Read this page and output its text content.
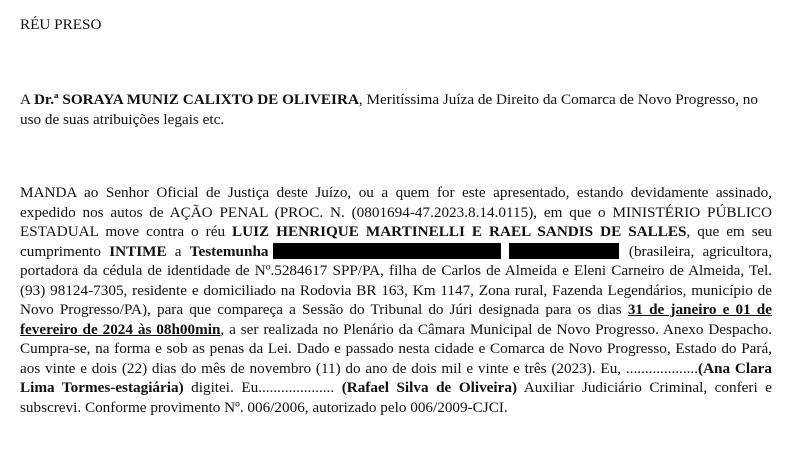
RÉU PRESO

A Dr.ª SORAYA MUNIZ CALIXTO DE OLIVEIRA, Meritíssima Juíza de Direito da Comarca de Novo Progresso, no uso de suas atribuições legais etc.

MANDA ao Senhor Oficial de Justiça deste Juízo, ou a quem for este apresentado, estando devidamente assinado, expedido nos autos de AÇÃO PENAL (PROC. N. (0801694-47.2023.8.14.0115), em que o MINISTÉRIO PÚBLICO ESTADUAL move contra o réu LUIZ HENRIQUE MARTINELLI E RAEL SANDIS DE SALLES, que em seu cumprimento INTIME a Testemunha	(brasileira, agricultora, portadora da cédula de identidade de Nº.5284617 SPP/PA, filha de Carlos de Almeida e Eleni Carneiro de Almeida, Tel.(93) 98124-7305, residente e domiciliado na Rodovia BR 163, Km 1147, Zona rural, Fazenda Legendários, município de Novo Progresso/PA), para que compareça a Sessão do Tribunal do Júri designada para os dias 31 de janeiro e 01 de fevereiro de 2024 às 08h00min, a ser realizada no Plenário da Câmara Municipal de Novo Progresso. Anexo Despacho. Cumpra-se, na forma e sob as penas da Lei. Dado e passado nesta cidade e Comarca de Novo Progresso, Estado do Pará, aos vinte e dois (22) dias do mês de novembro (11) do ano de dois mil e vinte e três (2023). Eu, ...................(Ana Clara Lima Tormes-estagiária) digitei. Eu.................... (Rafael Silva de Oliveira) Auxiliar Judiciário Criminal, conferi e subscrevi. Conforme provimento Nº. 006/2006, autorizado pelo 006/2009-CJCI.
